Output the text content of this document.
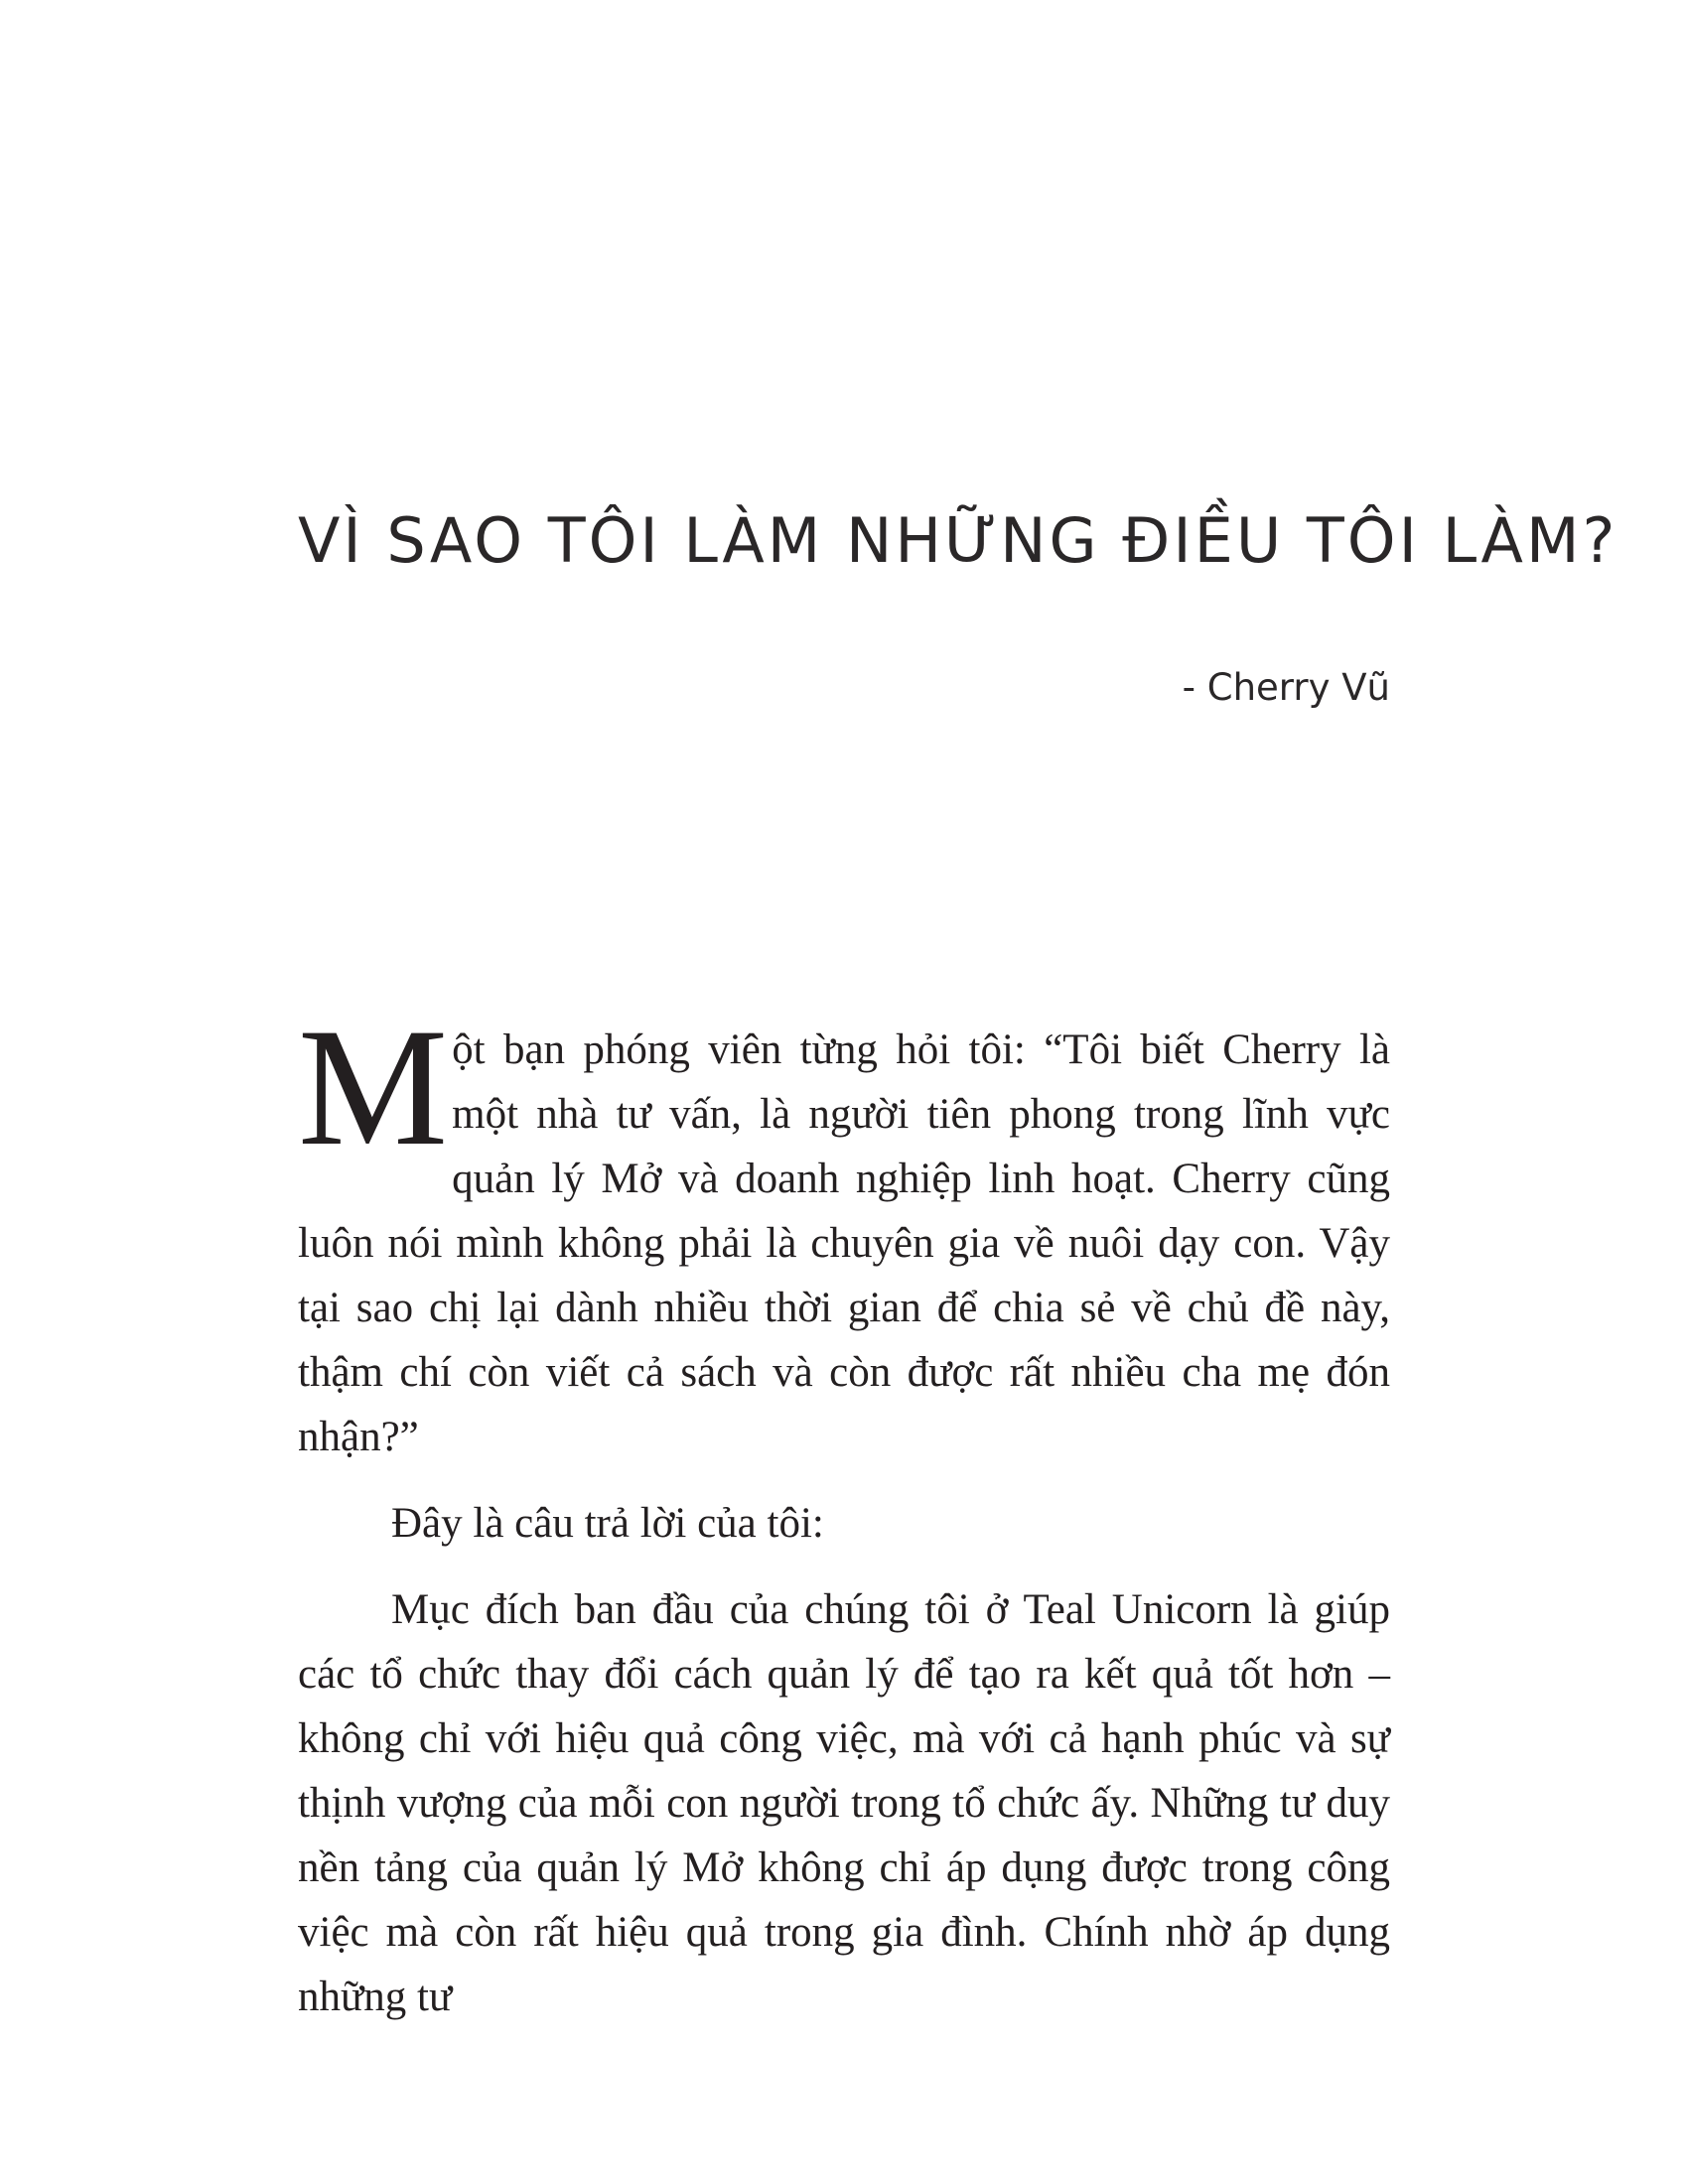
VÌ SAO TÔI LÀM NHỮNG ĐIỀU TÔI LÀM?

- Cherry Vũ

Một bạn phóng viên từng hỏi tôi: “Tôi biết Cherry là một nhà tư vấn, là người tiên phong trong lĩnh vực quản lý Mở và doanh nghiệp linh hoạt. Cherry cũng luôn nói mình không phải là chuyên gia về nuôi dạy con. Vậy tại sao chị lại dành nhiều thời gian để chia sẻ về chủ đề này, thậm chí còn viết cả sách và còn được rất nhiều cha mẹ đón nhận?”

Đây là câu trả lời của tôi:

Mục đích ban đầu của chúng tôi ở Teal Unicorn là giúp các tổ chức thay đổi cách quản lý để tạo ra kết quả tốt hơn – không chỉ với hiệu quả công việc, mà với cả hạnh phúc và sự thịnh vượng của mỗi con người trong tổ chức ấy. Những tư duy nền tảng của quản lý Mở không chỉ áp dụng được trong công việc mà còn rất hiệu quả trong gia đình. Chính nhờ áp dụng những tư
